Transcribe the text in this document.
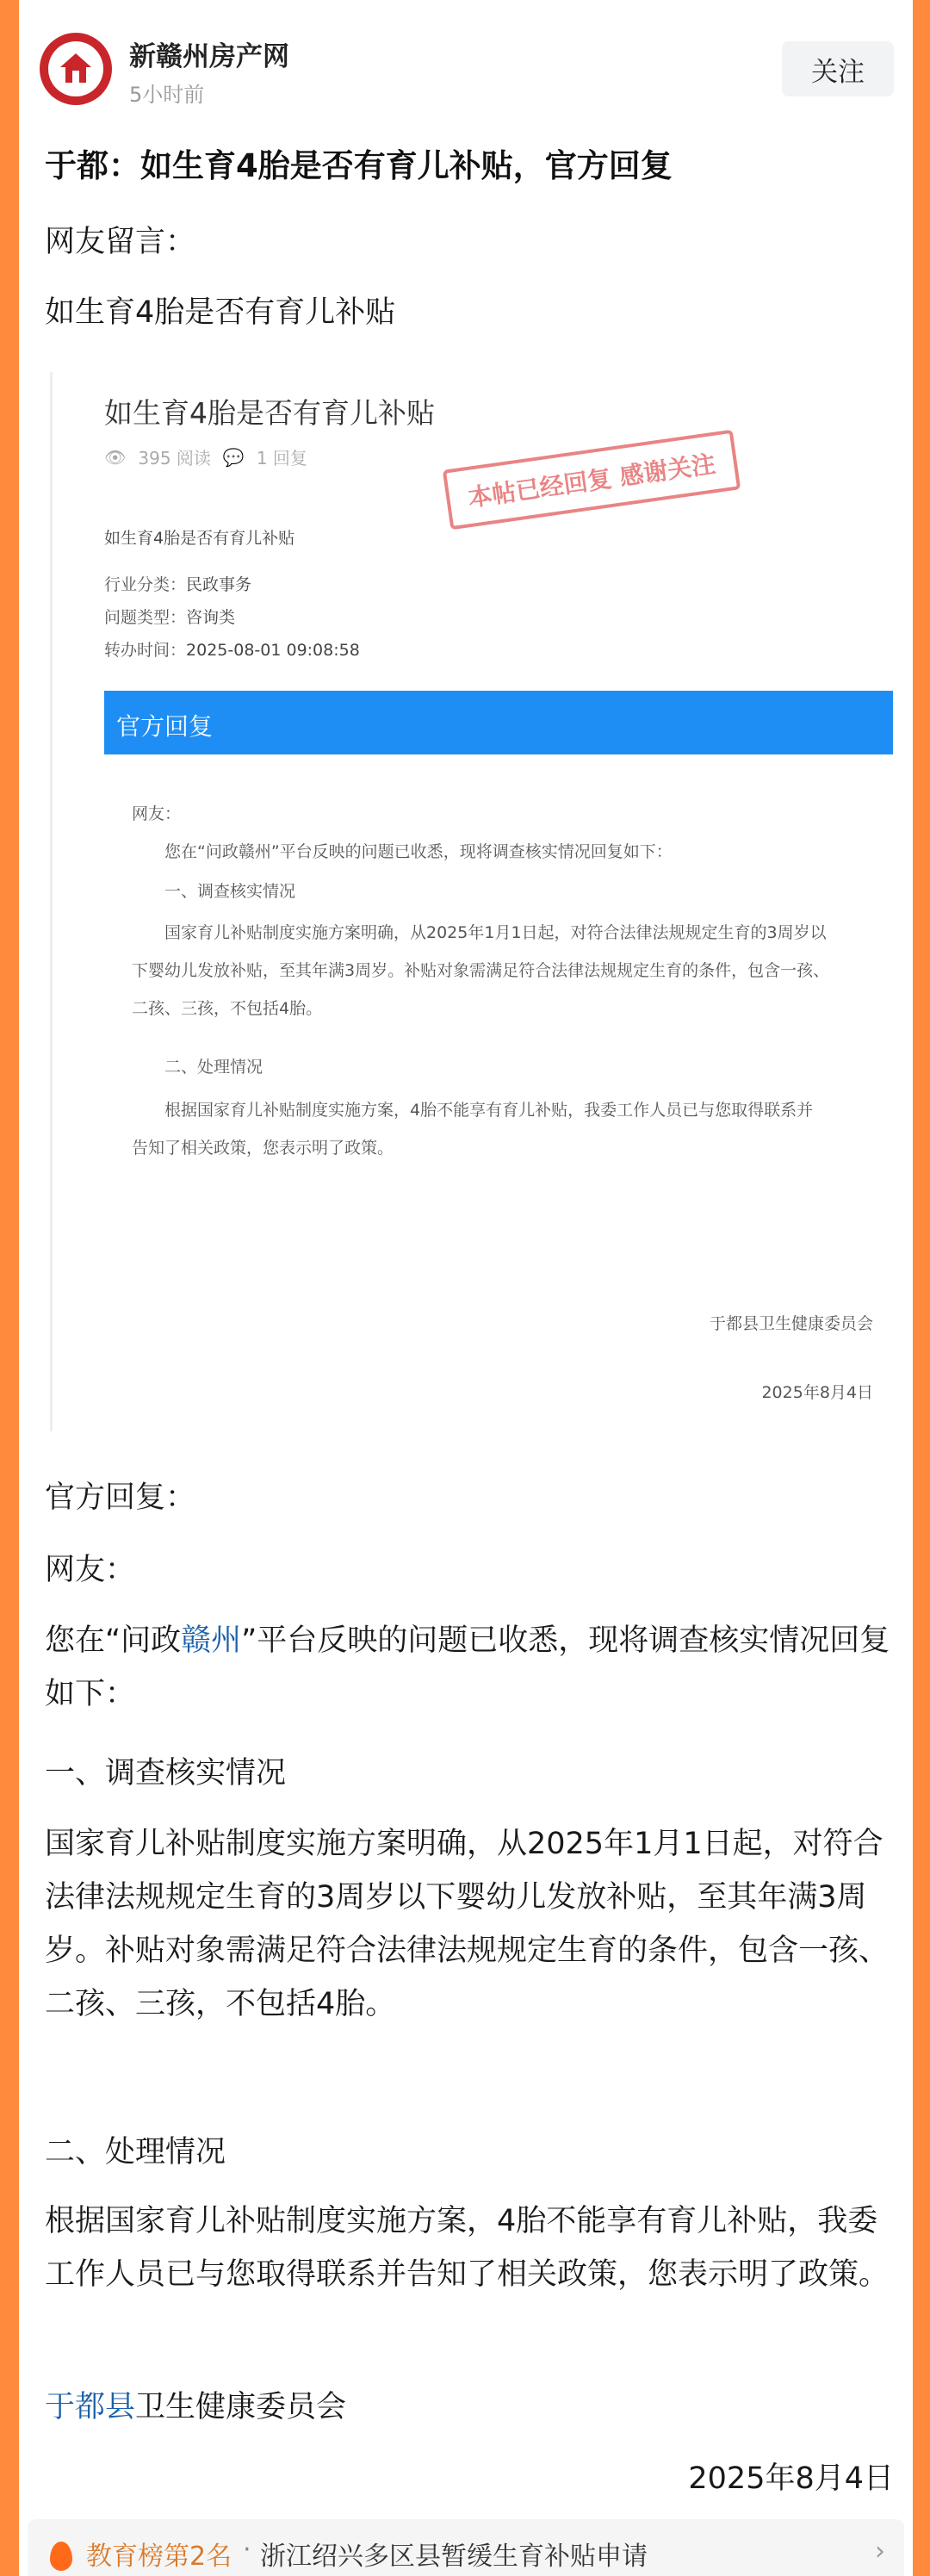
新赣州房产网
5小时前
关注
于都：如生育4胎是否有育儿补贴，官方回复
网友留言：
如生育4胎是否有育儿补贴
如生育4胎是否有育儿补贴
👁 395 阅读 💬 1 回复	本帖已经回复 感谢关注
如生育4胎是否有育儿补贴
行业分类：民政事务
问题类型：咨询类
转办时间：2025-08-01 09:08:58
官方回复
网友：
您在“问政赣州”平台反映的问题已收悉，现将调查核实情况回复如下：
一、调查核实情况
国家育儿补贴制度实施方案明确，从2025年1月1日起，对符合法律法规规定生育的3周岁以
下婴幼儿发放补贴，至其年满3周岁。补贴对象需满足符合法律法规规定生育的条件，包含一孩、
二孩、三孩，不包括4胎。
二、处理情况
根据国家育儿补贴制度实施方案，4胎不能享有育儿补贴，我委工作人员已与您取得联系并
告知了相关政策，您表示明了政策。
于都县卫生健康委员会
2025年8月4日
官方回复：
网友：
您在“问政赣州”平台反映的问题已收悉，现将调查核实情况回复如下：
一、调查核实情况
国家育儿补贴制度实施方案明确，从2025年1月1日起，对符合法律法规规定生育的3周岁以下婴幼儿发放补贴，至其年满3周岁。补贴对象需满足符合法律法规规定生育的条件，包含一孩、二孩、三孩，不包括4胎。
二、处理情况
根据国家育儿补贴制度实施方案，4胎不能享有育儿补贴，我委工作人员已与您取得联系并告知了相关政策，您表示明了政策。
于都县卫生健康委员会
2025年8月4日
教育榜第2名 · 浙江绍兴多区县暂缓生育补贴申请	›
